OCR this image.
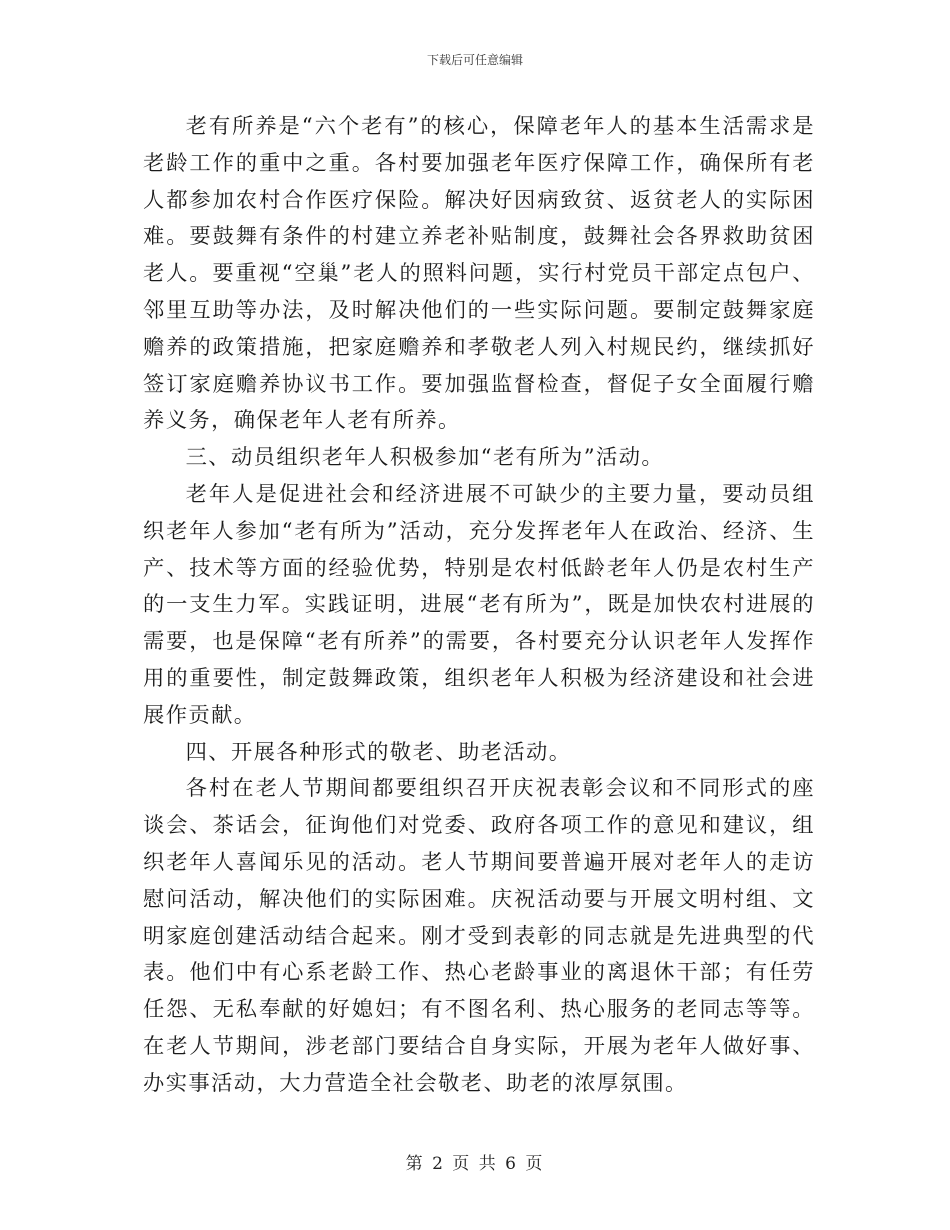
下载后可任意编辑

老有所养是“六个老有”的核心，保障老年人的基本生活需求是老龄工作的重中之重。各村要加强老年医疗保障工作，确保所有老人都参加农村合作医疗保险。解决好因病致贫、返贫老人的实际困难。要鼓舞有条件的村建立养老补贴制度，鼓舞社会各界救助贫困老人。要重视“空巢”老人的照料问题，实行村党员干部定点包户、邻里互助等办法，及时解决他们的一些实际问题。要制定鼓舞家庭赡养的政策措施，把家庭赡养和孝敬老人列入村规民约，继续抓好签订家庭赡养协议书工作。要加强监督检查，督促子女全面履行赡养义务，确保老年人老有所养。

三、动员组织老年人积极参加“老有所为”活动。

老年人是促进社会和经济进展不可缺少的主要力量，要动员组织老年人参加“老有所为”活动，充分发挥老年人在政治、经济、生产、技术等方面的经验优势，特别是农村低龄老年人仍是农村生产的一支生力军。实践证明，进展“老有所为”，既是加快农村进展的需要，也是保障“老有所养”的需要，各村要充分认识老年人发挥作用的重要性，制定鼓舞政策，组织老年人积极为经济建设和社会进展作贡献。

四、开展各种形式的敬老、助老活动。

各村在老人节期间都要组织召开庆祝表彰会议和不同形式的座谈会、茶话会，征询他们对党委、政府各项工作的意见和建议，组织老年人喜闻乐见的活动。老人节期间要普遍开展对老年人的走访慰问活动，解决他们的实际困难。庆祝活动要与开展文明村组、文明家庭创建活动结合起来。刚才受到表彰的同志就是先进典型的代表。他们中有心系老龄工作、热心老龄事业的离退休干部；有任劳任怨、无私奉献的好媳妇；有不图名利、热心服务的老同志等等。在老人节期间，涉老部门要结合自身实际，开展为老年人做好事、办实事活动，大力营造全社会敬老、助老的浓厚氛围。

第 2 页 共 6 页
